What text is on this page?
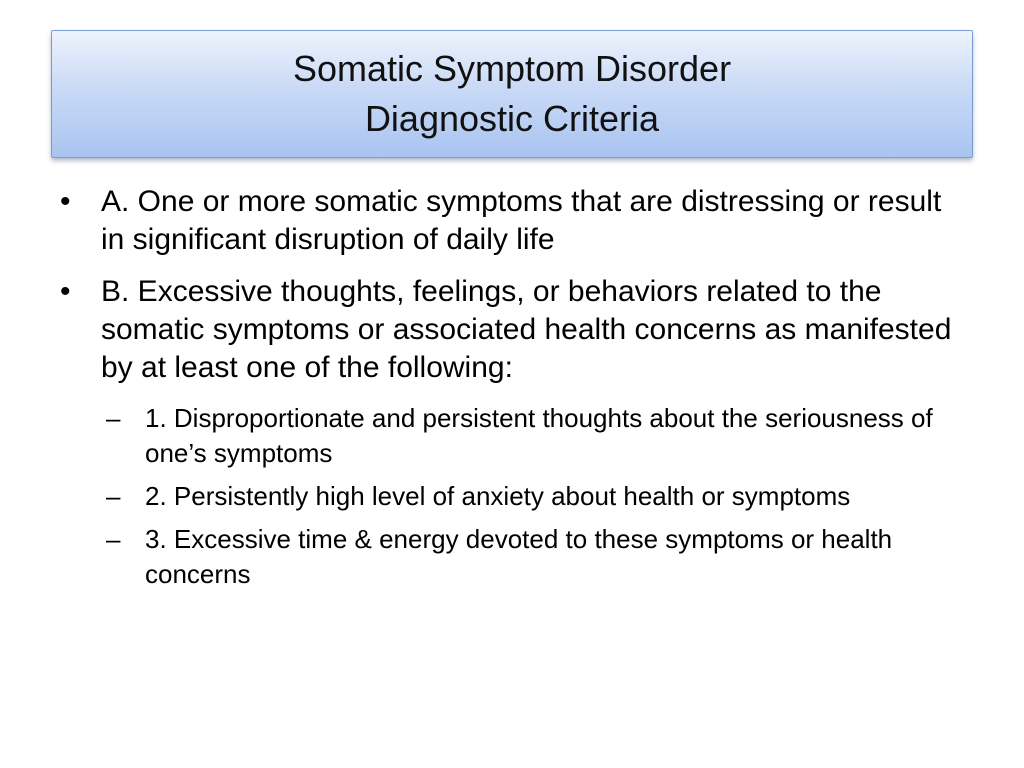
Somatic Symptom Disorder
Diagnostic Criteria
• A. One or more somatic symptoms that are distressing or result in significant disruption of daily life
• B. Excessive thoughts, feelings, or behaviors related to the somatic symptoms or associated health concerns as manifested by at least one of the following:
– 1. Disproportionate and persistent thoughts about the seriousness of one’s symptoms
– 2. Persistently high level of anxiety about health or symptoms
– 3. Excessive time & energy devoted to these symptoms or health concerns
